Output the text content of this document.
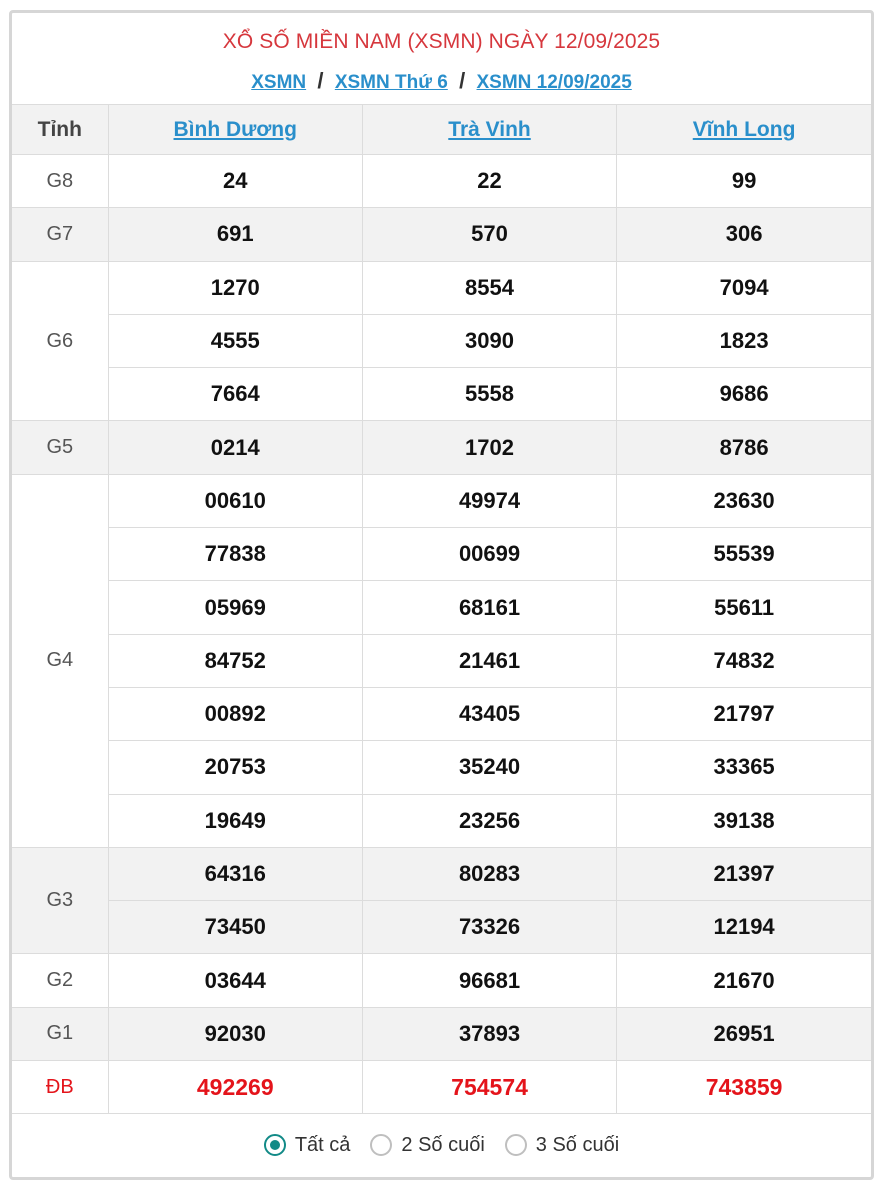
XỔ SỐ MIỀN NAM (XSMN) NGÀY 12/09/2025
XSMN / XSMN Thứ 6 / XSMN 12/09/2025
Tỉnh	Bình Dương	Trà Vinh	Vĩnh Long
G8	24	22	99
G7	691	570	306
G6	1270	8554	7094
	4555	3090	1823
	7664	5558	9686
G5	0214	1702	8786
G4	00610	49974	23630
	77838	00699	55539
	05969	68161	55611
	84752	21461	74832
	00892	43405	21797
	20753	35240	33365
	19649	23256	39138
G3	64316	80283	21397
	73450	73326	12194
G2	03644	96681	21670
G1	92030	37893	26951
ĐB	492269	754574	743859
Tất cả	2 Số cuối	3 Số cuối
